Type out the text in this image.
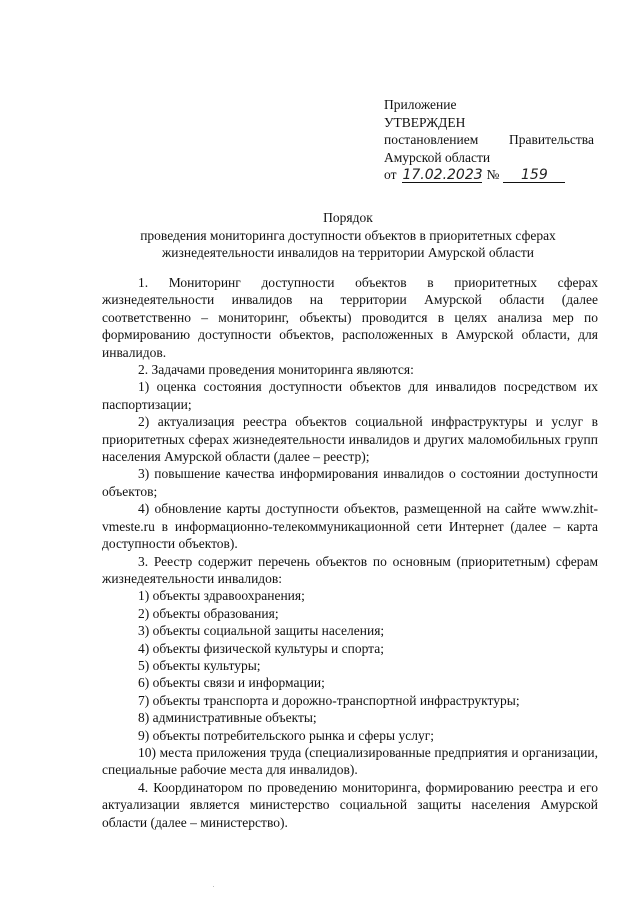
Приложение
УТВЕРЖДЕН
постановлением Правительства
Амурской области
от 17.02.2023 №	159
Порядок
проведения мониторинга доступности объектов в приоритетных сферах жизнедеятельности инвалидов на территории Амурской области

1. Мониторинг доступности объектов в приоритетных сферах жизнедеятельности инвалидов на территории Амурской области (далее соответственно – мониторинг, объекты) проводится в целях анализа мер по формированию доступности объектов, расположенных в Амурской области, для инвалидов.

2. Задачами проведения мониторинга являются:

1) оценка состояния доступности объектов для инвалидов посредством их паспортизации;

2) актуализация реестра объектов социальной инфраструктуры и услуг в приоритетных сферах жизнедеятельности инвалидов и других маломобильных групп населения Амурской области (далее – реестр);

3) повышение качества информирования инвалидов о состоянии доступности объектов;

4) обновление карты доступности объектов, размещенной на сайте www.zhit-vmeste.ru в информационно-телекоммуникационной сети Интернет (далее – карта доступности объектов).

3. Реестр содержит перечень объектов по основным (приоритетным) сферам жизнедеятельности инвалидов:

1) объекты здравоохранения;

2) объекты образования;

3) объекты социальной защиты населения;

4) объекты физической культуры и спорта;

5) объекты культуры;

6) объекты связи и информации;

7) объекты транспорта и дорожно-транспортной инфраструктуры;

8) административные объекты;

9) объекты потребительского рынка и сферы услуг;

10) места приложения труда (специализированные предприятия и организации, специальные рабочие места для инвалидов).

4. Координатором по проведению мониторинга, формированию реестра и его актуализации является министерство социальной защиты населения Амурской области (далее – министерство).
